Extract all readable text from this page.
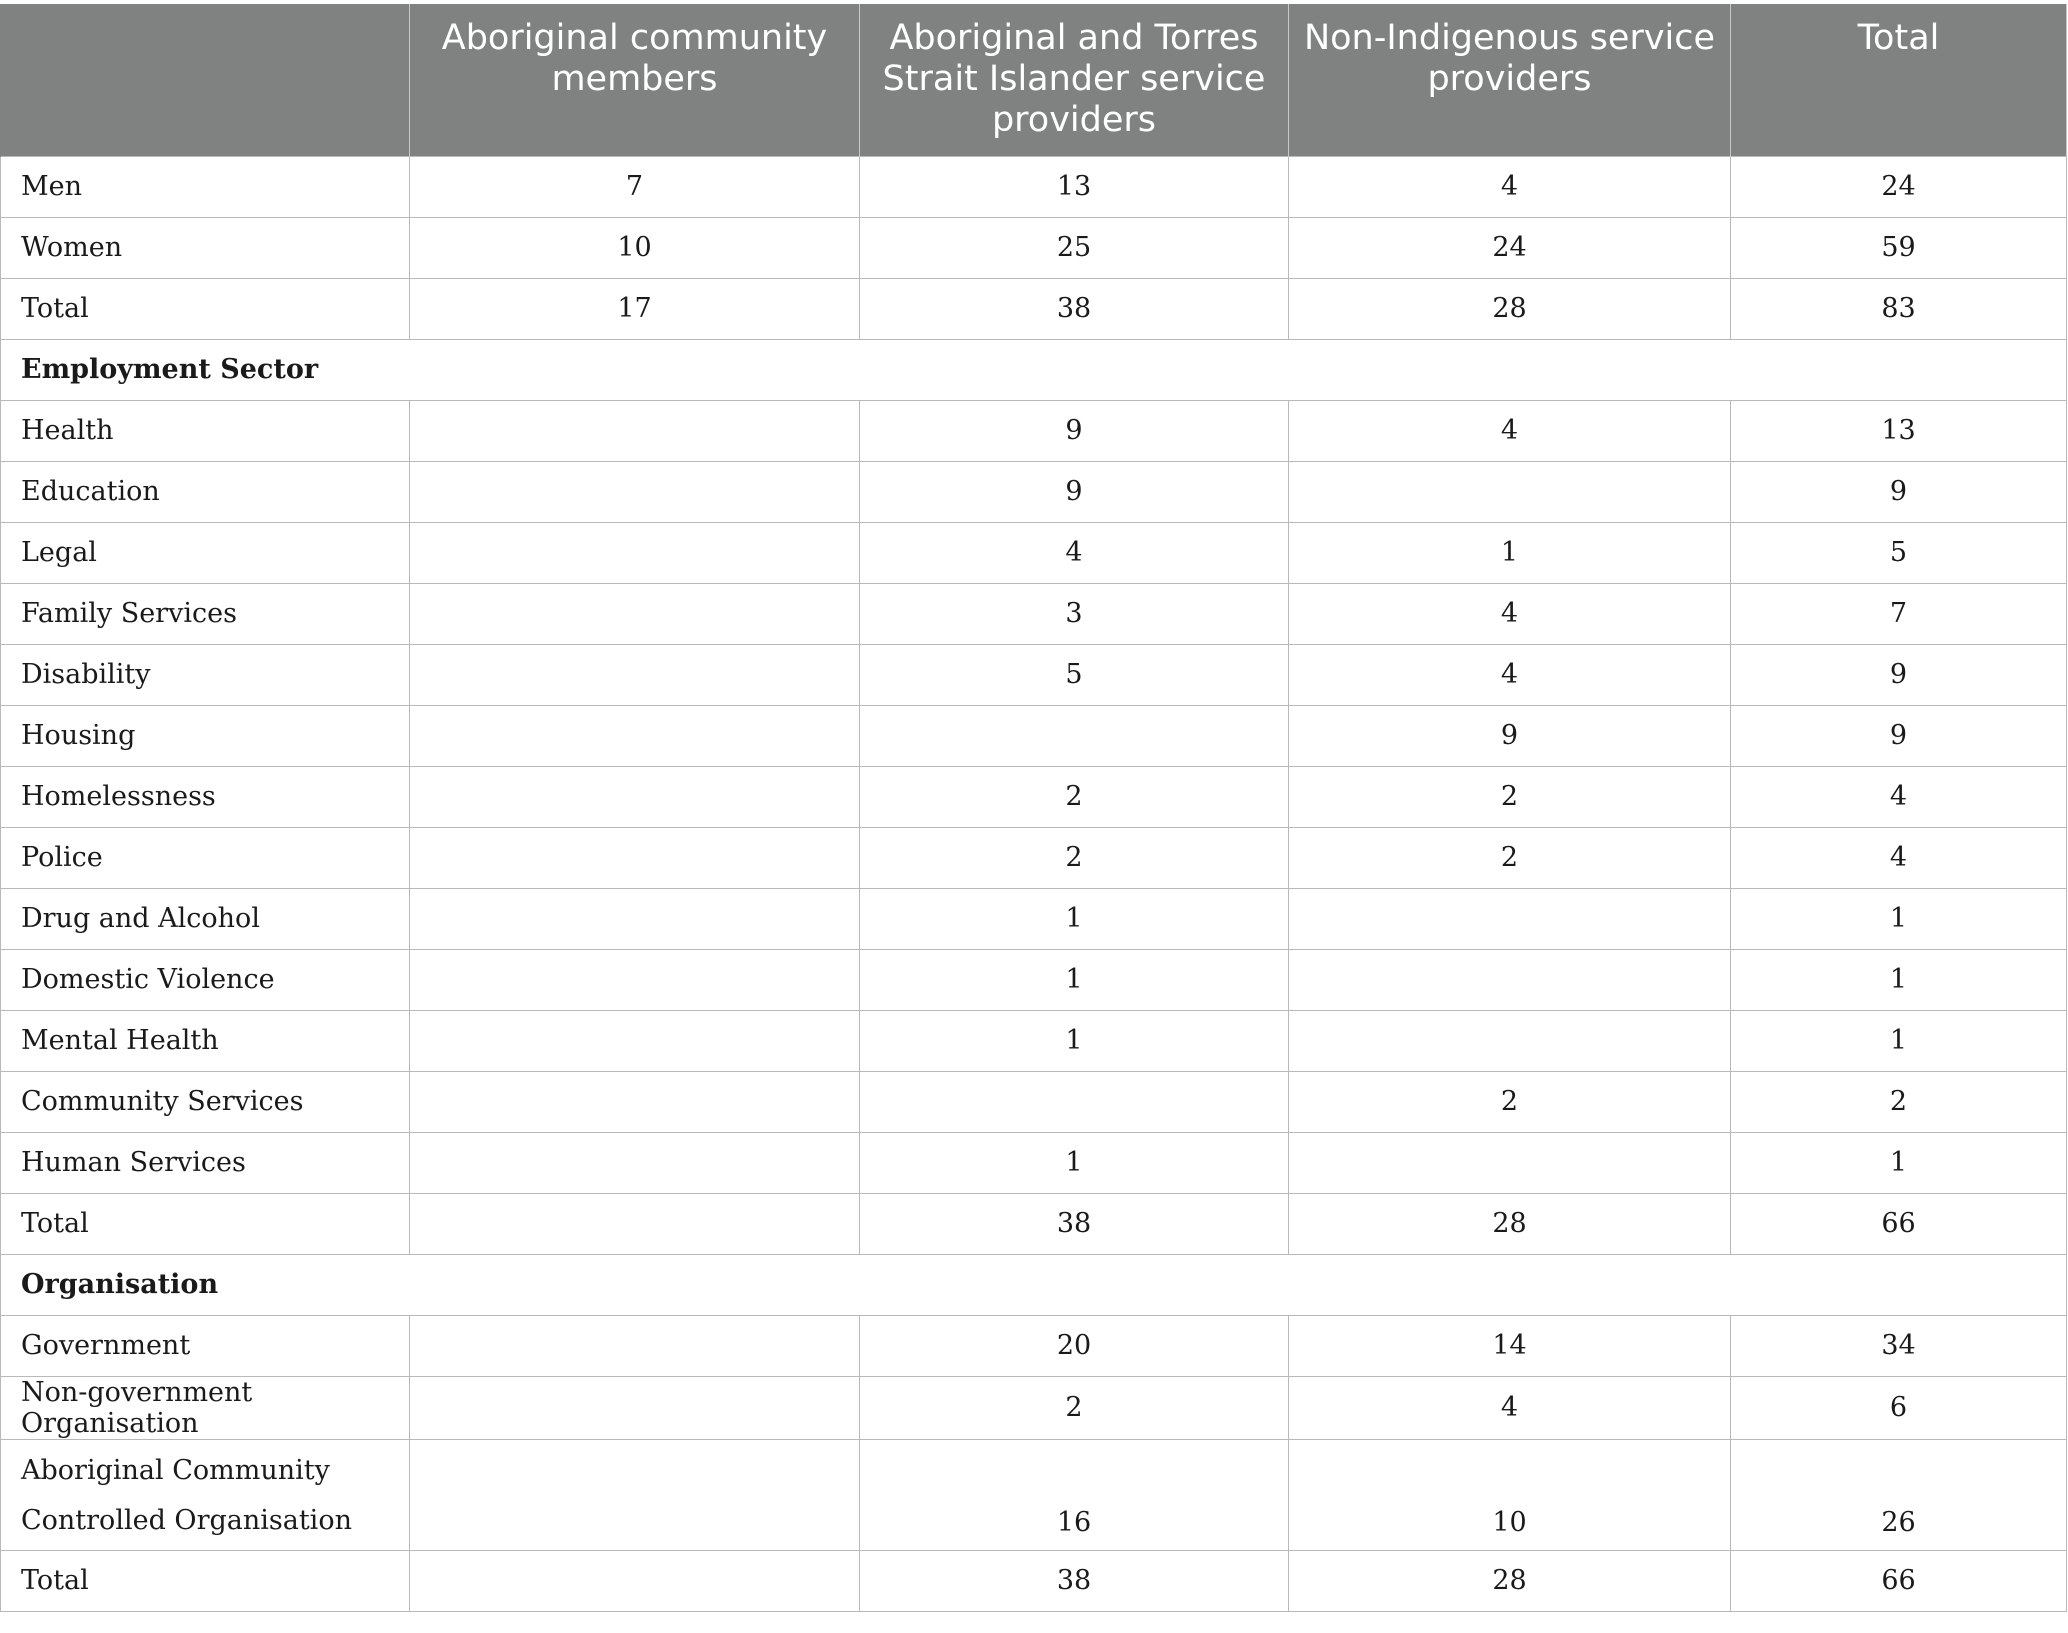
	Aboriginal community members	Aboriginal and Torres Strait Islander service providers	Non-Indigenous service providers	Total
Men	7	13	4	24
Women	10	25	24	59
Total	17	38	28	83
Employment Sector				
Health		9	4	13
Education		9		9
Legal		4	1	5
Family Services		3	4	7
Disability		5	4	9
Housing			9	9
Homelessness		2	2	4
Police		2	2	4
Drug and Alcohol		1		1
Domestic Violence		1		1
Mental Health		1		1
Community Services			2	2
Human Services		1		1
Total		38	28	66
Organisation				
Government		20	14	34
Non-government Organisation		2	4	6
Aboriginal Community Controlled Organisation		16	10	26
Total		38	28	66
